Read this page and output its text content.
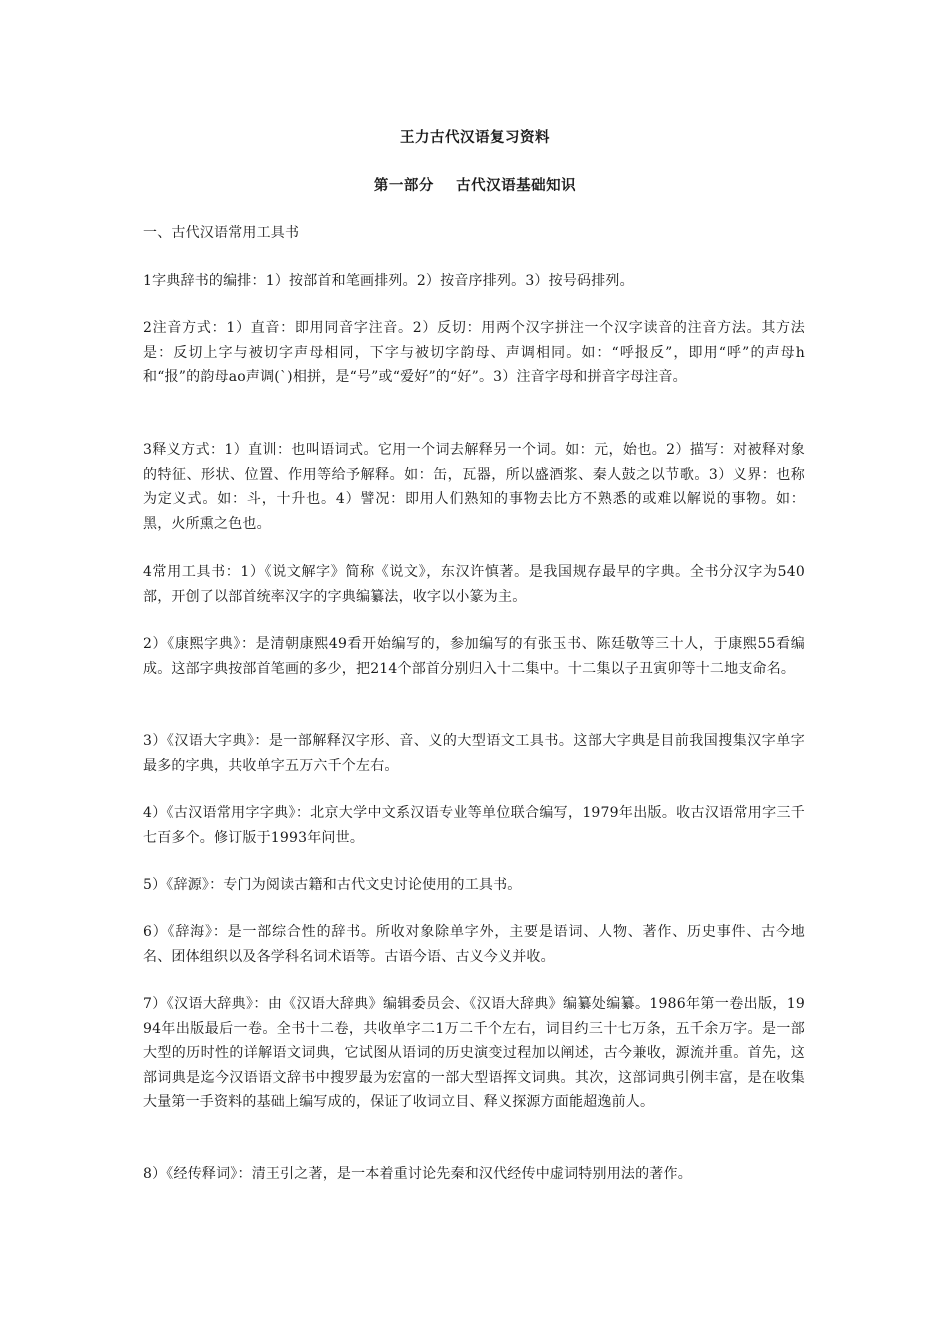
王力古代汉语复习资料
第一部分    古代汉语基础知识
一、古代汉语常用工具书
1字典辞书的编排：1）按部首和笔画排列。2）按音序排列。3）按号码排列。
2注音方式：1）直音：即用同音字注音。2）反切：用两个汉字拼注一个汉字读音的注音方法。其方法是：反切上字与被切字声母相同，下字与被切字韵母、声调相同。如：“呼报反”，即用“呼”的声母h和“报”的韵母ao声调(`)相拼，是“号”或“爱好”的“好”。3）注音字母和拼音字母注音。
3释义方式：1）直训：也叫语词式。它用一个词去解释另一个词。如：元，始也。2）描写：对被释对象的特征、形状、位置、作用等给予解释。如：缶，瓦器，所以盛酒浆、秦人鼓之以节歌。3）义界：也称为定义式。如：斗，十升也。4）譬况：即用人们熟知的事物去比方不熟悉的或难以解说的事物。如：黑，火所熏之色也。
4常用工具书：1）《说文解字》简称《说文》，东汉许慎著。是我国规存最早的字典。全书分汉字为540部，开创了以部首统率汉字的字典编纂法，收字以小篆为主。
2）《康熙字典》：是清朝康熙49看开始编写的，参加编写的有张玉书、陈廷敬等三十人，于康熙55看编成。这部字典按部首笔画的多少，把214个部首分别归入十二集中。十二集以子丑寅卯等十二地支命名。
3）《汉语大字典》：是一部解释汉字形、音、义的大型语文工具书。这部大字典是目前我国搜集汉字单字最多的字典，共收单字五万六千个左右。
4）《古汉语常用字字典》：北京大学中文系汉语专业等单位联合编写，1979年出版。收古汉语常用字三千七百多个。修订版于1993年问世。
5）《辞源》：专门为阅读古籍和古代文史讨论使用的工具书。
6）《辞海》：是一部综合性的辞书。所收对象除单字外，主要是语词、人物、著作、历史事件、古今地名、团体组织以及各学科名词术语等。古语今语、古义今义并收。
7）《汉语大辞典》：由《汉语大辞典》编辑委员会、《汉语大辞典》编纂处编纂。1986年第一卷出版，1994年出版最后一卷。全书十二卷，共收单字二1万二千个左右，词目约三十七万条，五千余万字。是一部大型的历时性的详解语文词典，它试图从语词的历史演变过程加以阐述，古今兼收，源流并重。首先，这部词典是迄今汉语语文辞书中搜罗最为宏富的一部大型语挥文词典。其次，这部词典引例丰富，是在收集大量第一手资料的基础上编写成的，保证了收词立目、释义探源方面能超逸前人。
8）《经传释词》：清王引之著，是一本着重讨论先秦和汉代经传中虚词特别用法的著作。
